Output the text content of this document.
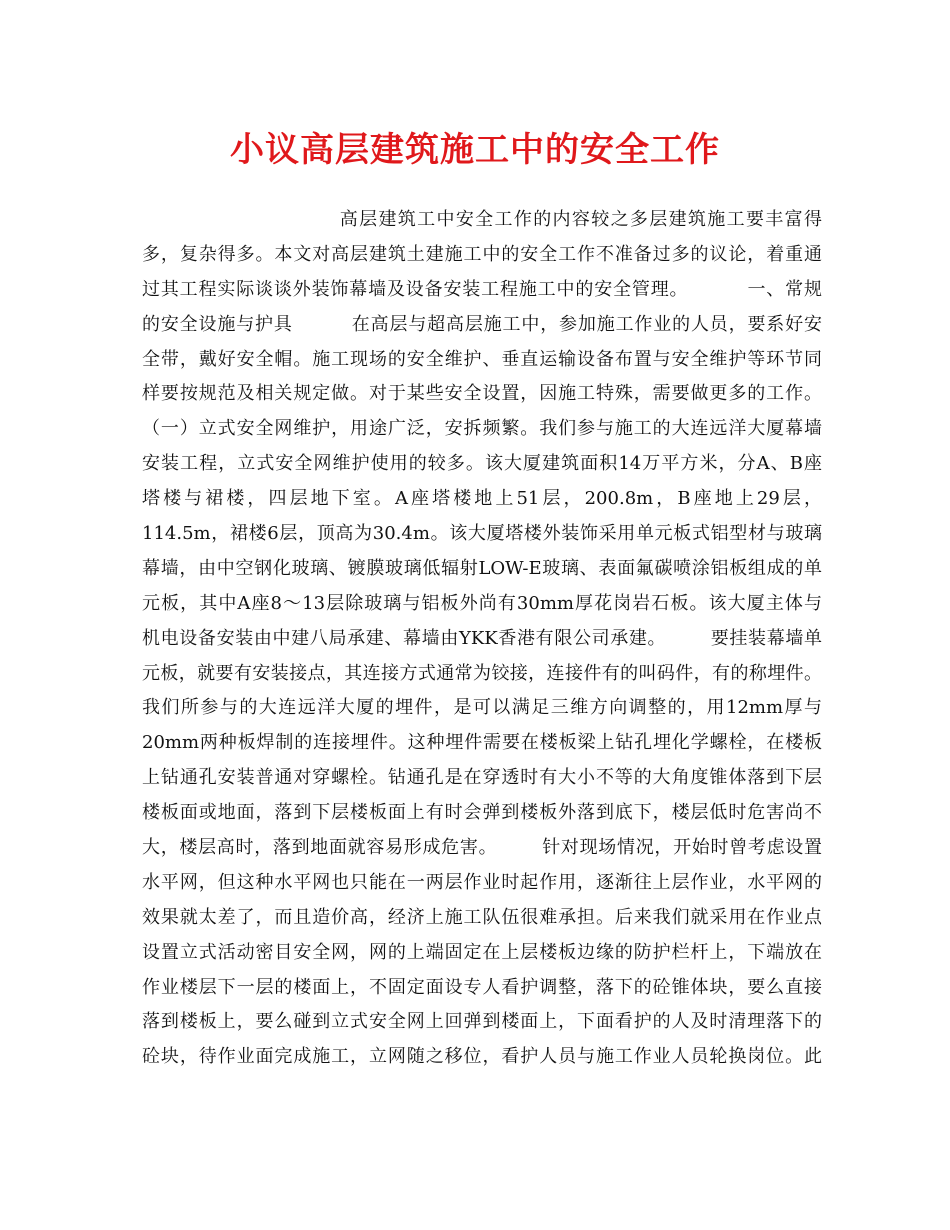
小议高层建筑施工中的安全工作
高层建筑工中安全工作的内容较之多层建筑施工要丰富得
多，复杂得多。本文对高层建筑土建施工中的安全工作不准备过多的议论，着重通
过其工程实际谈谈外装饰幕墙及设备安装工程施工中的安全管理。         一、常规
的安全设施与护具         在高层与超高层施工中，参加施工作业的人员，要系好安
全带，戴好安全帽。施工现场的安全维护、垂直运输设备布置与安全维护等环节同
样要按规范及相关规定做。对于某些安全设置，因施工特殊，需要做更多的工作。
（一）立式安全网维护，用途广泛，安拆频繁。我们参与施工的大连远洋大厦幕墙
安装工程，立式安全网维护使用的较多。该大厦建筑面积14万平方米，分A、B座
塔楼与裙楼，四层地下室。A座塔楼地上51层，200.8m，B座地上29层，
114.5m，裙楼6层，顶高为30.4m。该大厦塔楼外装饰采用单元板式铝型材与玻璃
幕墙，由中空钢化玻璃、镀膜玻璃低辐射LOW-E玻璃、表面氟碳喷涂铝板组成的单
元板，其中A座8～13层除玻璃与铝板外尚有30mm厚花岗岩石板。该大厦主体与
机电设备安装由中建八局承建、幕墙由YKK香港有限公司承建。       要挂装幕墙单
元板，就要有安装接点，其连接方式通常为铰接，连接件有的叫码件，有的称埋件。
我们所参与的大连远洋大厦的埋件，是可以满足三维方向调整的，用12mm厚与
20mm两种板焊制的连接埋件。这种埋件需要在楼板梁上钻孔埋化学螺栓，在楼板
上钻通孔安装普通对穿螺栓。钻通孔是在穿透时有大小不等的大角度锥体落到下层
楼板面或地面，落到下层楼板面上有时会弹到楼板外落到底下，楼层低时危害尚不
大，楼层高时，落到地面就容易形成危害。       针对现场情况，开始时曾考虑设置
水平网，但这种水平网也只能在一两层作业时起作用，逐渐往上层作业，水平网的
效果就太差了，而且造价高，经济上施工队伍很难承担。后来我们就采用在作业点
设置立式活动密目安全网，网的上端固定在上层楼板边缘的防护栏杆上，下端放在
作业楼层下一层的楼面上，不固定面设专人看护调整，落下的砼锥体块，要么直接
落到楼板上，要么碰到立式安全网上回弹到楼面上，下面看护的人及时清理落下的
砼块，待作业面完成施工，立网随之移位，看护人员与施工作业人员轮换岗位。此
